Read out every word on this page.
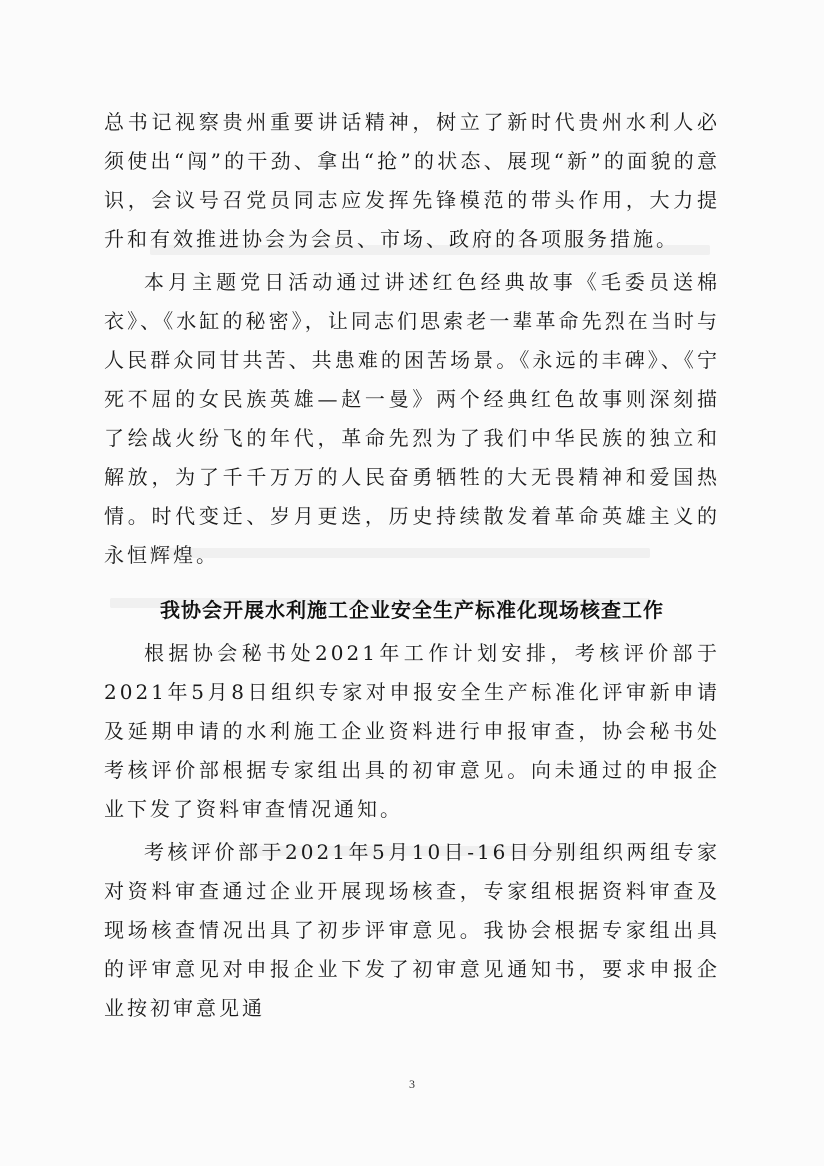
总书记视察贵州重要讲话精神，树立了新时代贵州水利人必须使出“闯”的干劲、拿出“抢”的状态、展现“新”的面貌的意识，会议号召党员同志应发挥先锋模范的带头作用，大力提升和有效推进协会为会员、市场、政府的各项服务措施。

本月主题党日活动通过讲述红色经典故事《毛委员送棉衣》、《水缸的秘密》，让同志们思索老一辈革命先烈在当时与人民群众同甘共苦、共患难的困苦场景。《永远的丰碑》、《宁死不屈的女民族英雄—赵一曼》两个经典红色故事则深刻描了绘战火纷飞的年代，革命先烈为了我们中华民族的独立和解放，为了千千万万的人民奋勇牺牲的大无畏精神和爱国热情。时代变迁、岁月更迭，历史持续散发着革命英雄主义的永恒辉煌。

我协会开展水利施工企业安全生产标准化现场核查工作

根据协会秘书处2021年工作计划安排，考核评价部于2021年5月8日组织专家对申报安全生产标准化评审新申请及延期申请的水利施工企业资料进行申报审查，协会秘书处考核评价部根据专家组出具的初审意见。向未通过的申报企业下发了资料审查情况通知。

考核评价部于2021年5月10日-16日分别组织两组专家对资料审查通过企业开展现场核查，专家组根据资料审查及现场核查情况出具了初步评审意见。我协会根据专家组出具的评审意见对申报企业下发了初审意见通知书，要求申报企业按初审意见通

3
